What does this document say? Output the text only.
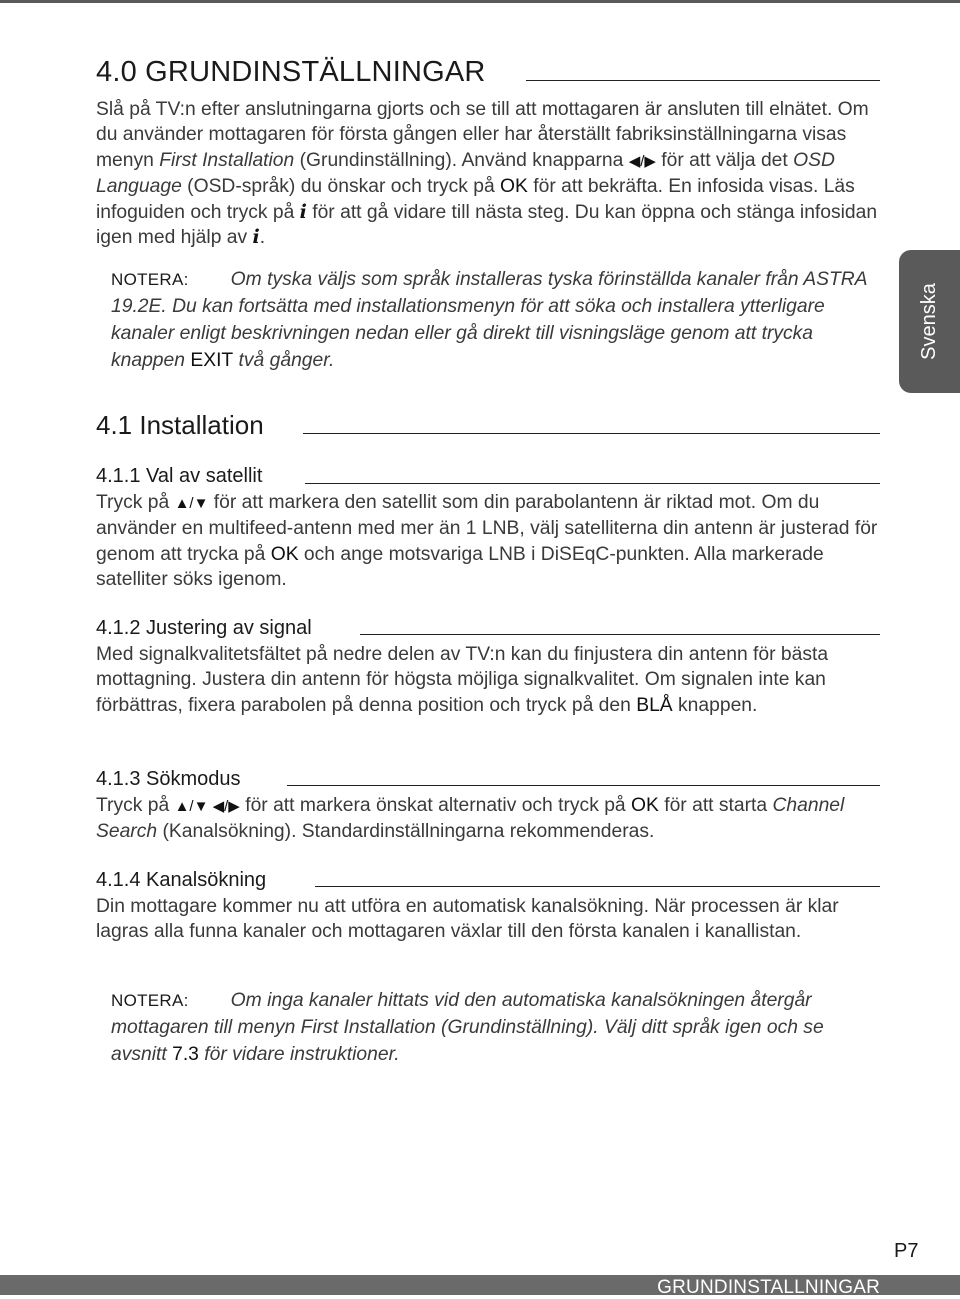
4.0 GRUNDINSTÄLLNINGAR

Slå på TV:n efter anslutningarna gjorts och se till att mottagaren är ansluten till elnätet. Om du använder mottagaren för första gången eller har återställt fabriksinställningarna visas menyn First Installation (Grundinställning). Använd knapparna ◀/▶ för att välja det OSD Language (OSD-språk) du önskar och tryck på OK för att bekräfta. En infosida visas. Läs infoguiden och tryck på i för att gå vidare till nästa steg. Du kan öppna och stänga infosidan igen med hjälp av i.

NOTERA: Om tyska väljs som språk installeras tyska förinställda kanaler från ASTRA 19.2E. Du kan fortsätta med installationsmenyn för att söka och installera ytterligare kanaler enligt beskrivningen nedan eller gå direkt till visningsläge genom att trycka knappen EXIT två gånger.

Svenska
4.1 Installation
4.1.1 Val av satellit

Tryck på ▲/▼ för att markera den satellit som din parabolantenn är riktad mot. Om du använder en multifeed-antenn med mer än 1 LNB, välj satelliterna din antenn är justerad för genom att trycka på OK och ange motsvariga LNB i DiSEqC-punkten. Alla markerade satelliter söks igenom.

4.1.2 Justering av signal

Med signalkvalitetsfältet på nedre delen av TV:n kan du finjustera din antenn för bästa mottagning. Justera din antenn för högsta möjliga signalkvalitet. Om signalen inte kan förbättras, fixera parabolen på denna position och tryck på den BLÅ knappen.

4.1.3 Sökmodus

Tryck på ▲/▼ ◀/▶ för att markera önskat alternativ och tryck på OK för att starta Channel Search (Kanalsökning). Standardinställningarna rekommenderas.

4.1.4 Kanalsökning

Din mottagare kommer nu att utföra en automatisk kanalsökning. När processen är klar lagras alla funna kanaler och mottagaren växlar till den första kanalen i kanallistan.

NOTERA: Om inga kanaler hittats vid den automatiska kanalsökningen återgår mottagaren till menyn First Installation (Grundinställning). Välj ditt språk igen och se avsnitt 7.3 för vidare instruktioner.

P7
GRUNDINSTALLNINGAR
